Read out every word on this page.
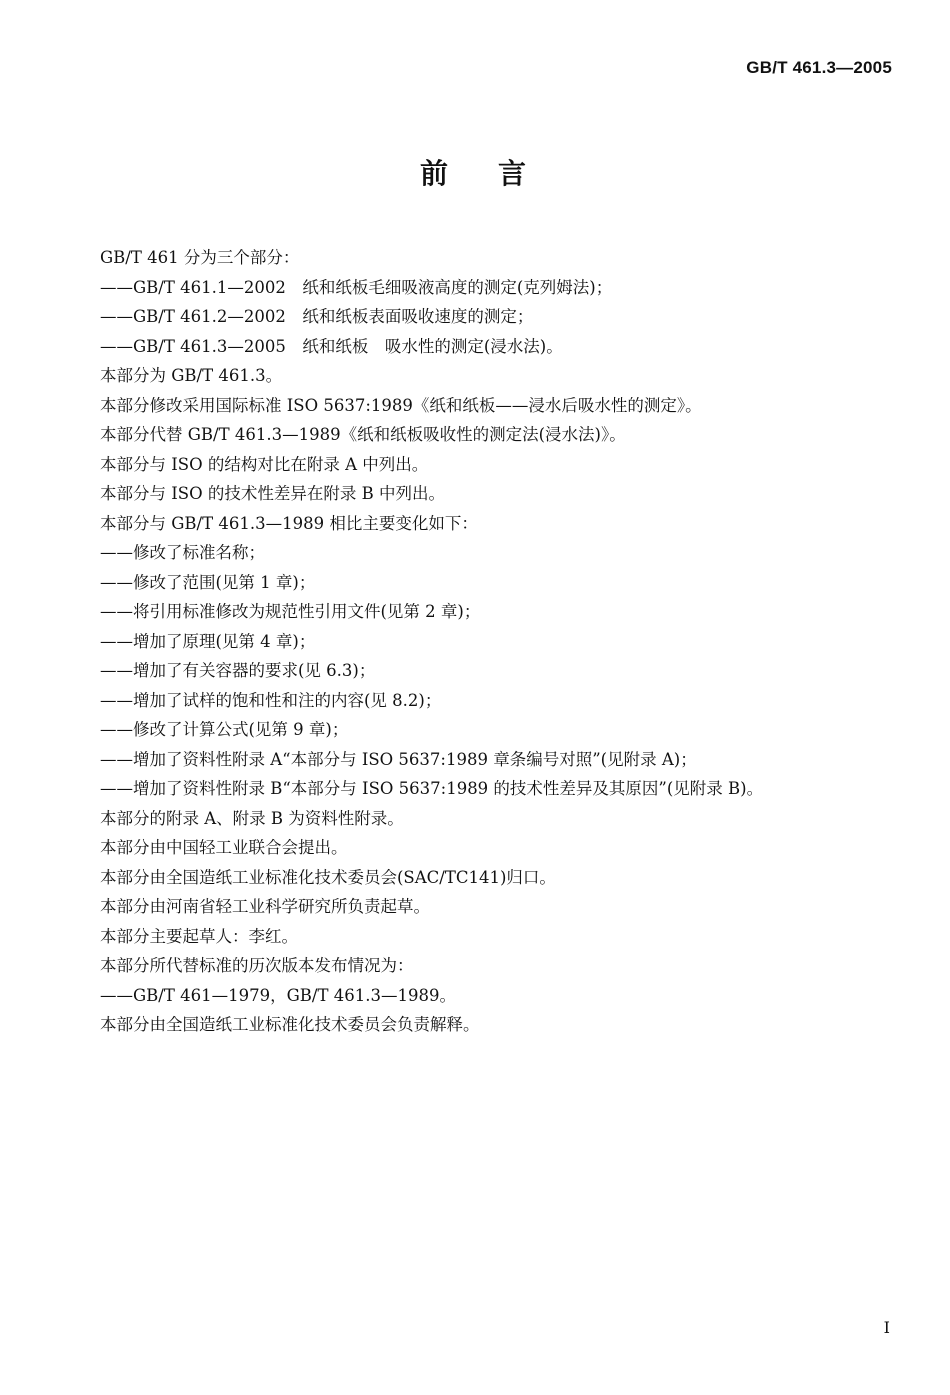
GB/T 461.3—2005
前 言
GB/T 461 分为三个部分：
——GB/T 461.1—2002　纸和纸板毛细吸液高度的测定(克列姆法)；
——GB/T 461.2—2002　纸和纸板表面吸收速度的测定；
——GB/T 461.3—2005　纸和纸板　吸水性的测定(浸水法)。
本部分为 GB/T 461.3。
本部分修改采用国际标准 ISO 5637:1989《纸和纸板——浸水后吸水性的测定》。
本部分代替 GB/T 461.3—1989《纸和纸板吸收性的测定法(浸水法)》。
本部分与 ISO 的结构对比在附录 A 中列出。
本部分与 ISO 的技术性差异在附录 B 中列出。
本部分与 GB/T 461.3—1989 相比主要变化如下：
——修改了标准名称；
——修改了范围(见第 1 章)；
——将引用标准修改为规范性引用文件(见第 2 章)；
——增加了原理(见第 4 章)；
——增加了有关容器的要求(见 6.3)；
——增加了试样的饱和性和注的内容(见 8.2)；
——修改了计算公式(见第 9 章)；
——增加了资料性附录 A“本部分与 ISO 5637:1989 章条编号对照”(见附录 A)；
——增加了资料性附录 B“本部分与 ISO 5637:1989 的技术性差异及其原因”(见附录 B)。
本部分的附录 A、附录 B 为资料性附录。
本部分由中国轻工业联合会提出。
本部分由全国造纸工业标准化技术委员会(SAC/TC141)归口。
本部分由河南省轻工业科学研究所负责起草。
本部分主要起草人：李红。
本部分所代替标准的历次版本发布情况为：
——GB/T 461—1979，GB/T 461.3—1989。
本部分由全国造纸工业标准化技术委员会负责解释。
I
